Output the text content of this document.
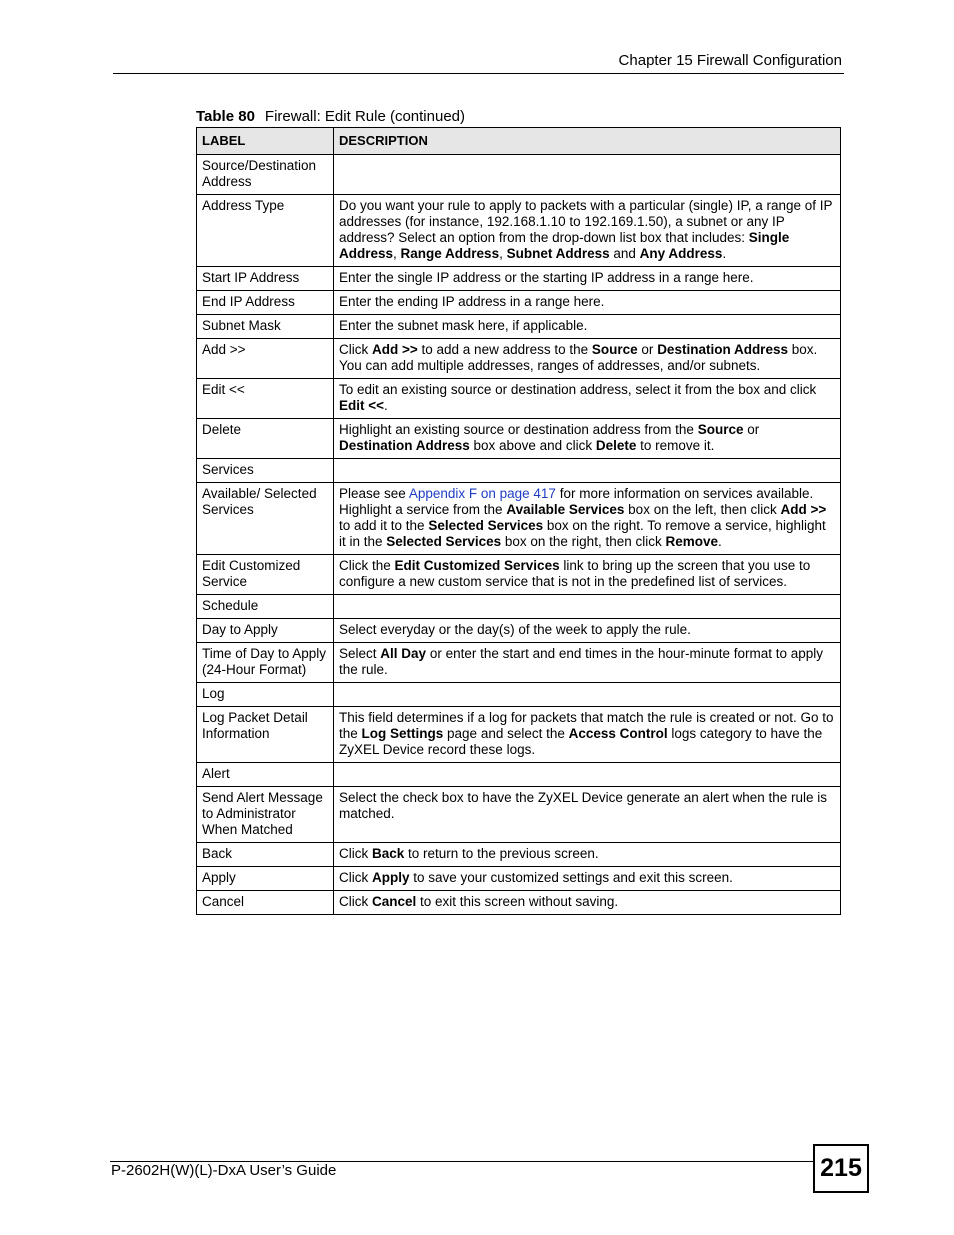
Chapter 15 Firewall Configuration
Table 80 Firewall: Edit Rule (continued)
LABEL	DESCRIPTION
Source/Destination Address	
Address Type	Do you want your rule to apply to packets with a particular (single) IP, a range of IP addresses (for instance, 192.168.1.10 to 192.169.1.50), a subnet or any IP address? Select an option from the drop-down list box that includes: Single Address, Range Address, Subnet Address and Any Address.
Start IP Address	Enter the single IP address or the starting IP address in a range here.
End IP Address	Enter the ending IP address in a range here.
Subnet Mask	Enter the subnet mask here, if applicable.
Add >>	Click Add >> to add a new address to the Source or Destination Address box. You can add multiple addresses, ranges of addresses, and/or subnets.
Edit <<	To edit an existing source or destination address, select it from the box and click Edit <<.
Delete	Highlight an existing source or destination address from the Source or Destination Address box above and click Delete to remove it.
Services	
Available/ Selected Services	Please see Appendix F on page 417 for more information on services available. Highlight a service from the Available Services box on the left, then click Add >> to add it to the Selected Services box on the right. To remove a service, highlight it in the Selected Services box on the right, then click Remove.
Edit Customized Service	Click the Edit Customized Services link to bring up the screen that you use to configure a new custom service that is not in the predefined list of services.
Schedule	
Day to Apply	Select everyday or the day(s) of the week to apply the rule.
Time of Day to Apply (24-Hour Format)	Select All Day or enter the start and end times in the hour-minute format to apply the rule.
Log	
Log Packet Detail Information	This field determines if a log for packets that match the rule is created or not. Go to the Log Settings page and select the Access Control logs category to have the ZyXEL Device record these logs.
Alert	
Send Alert Message to Administrator When Matched	Select the check box to have the ZyXEL Device generate an alert when the rule is matched.
Back	Click Back to return to the previous screen.
Apply	Click Apply to save your customized settings and exit this screen.
Cancel	Click Cancel to exit this screen without saving.
P-2602H(W)(L)-DxA User’s Guide	215
